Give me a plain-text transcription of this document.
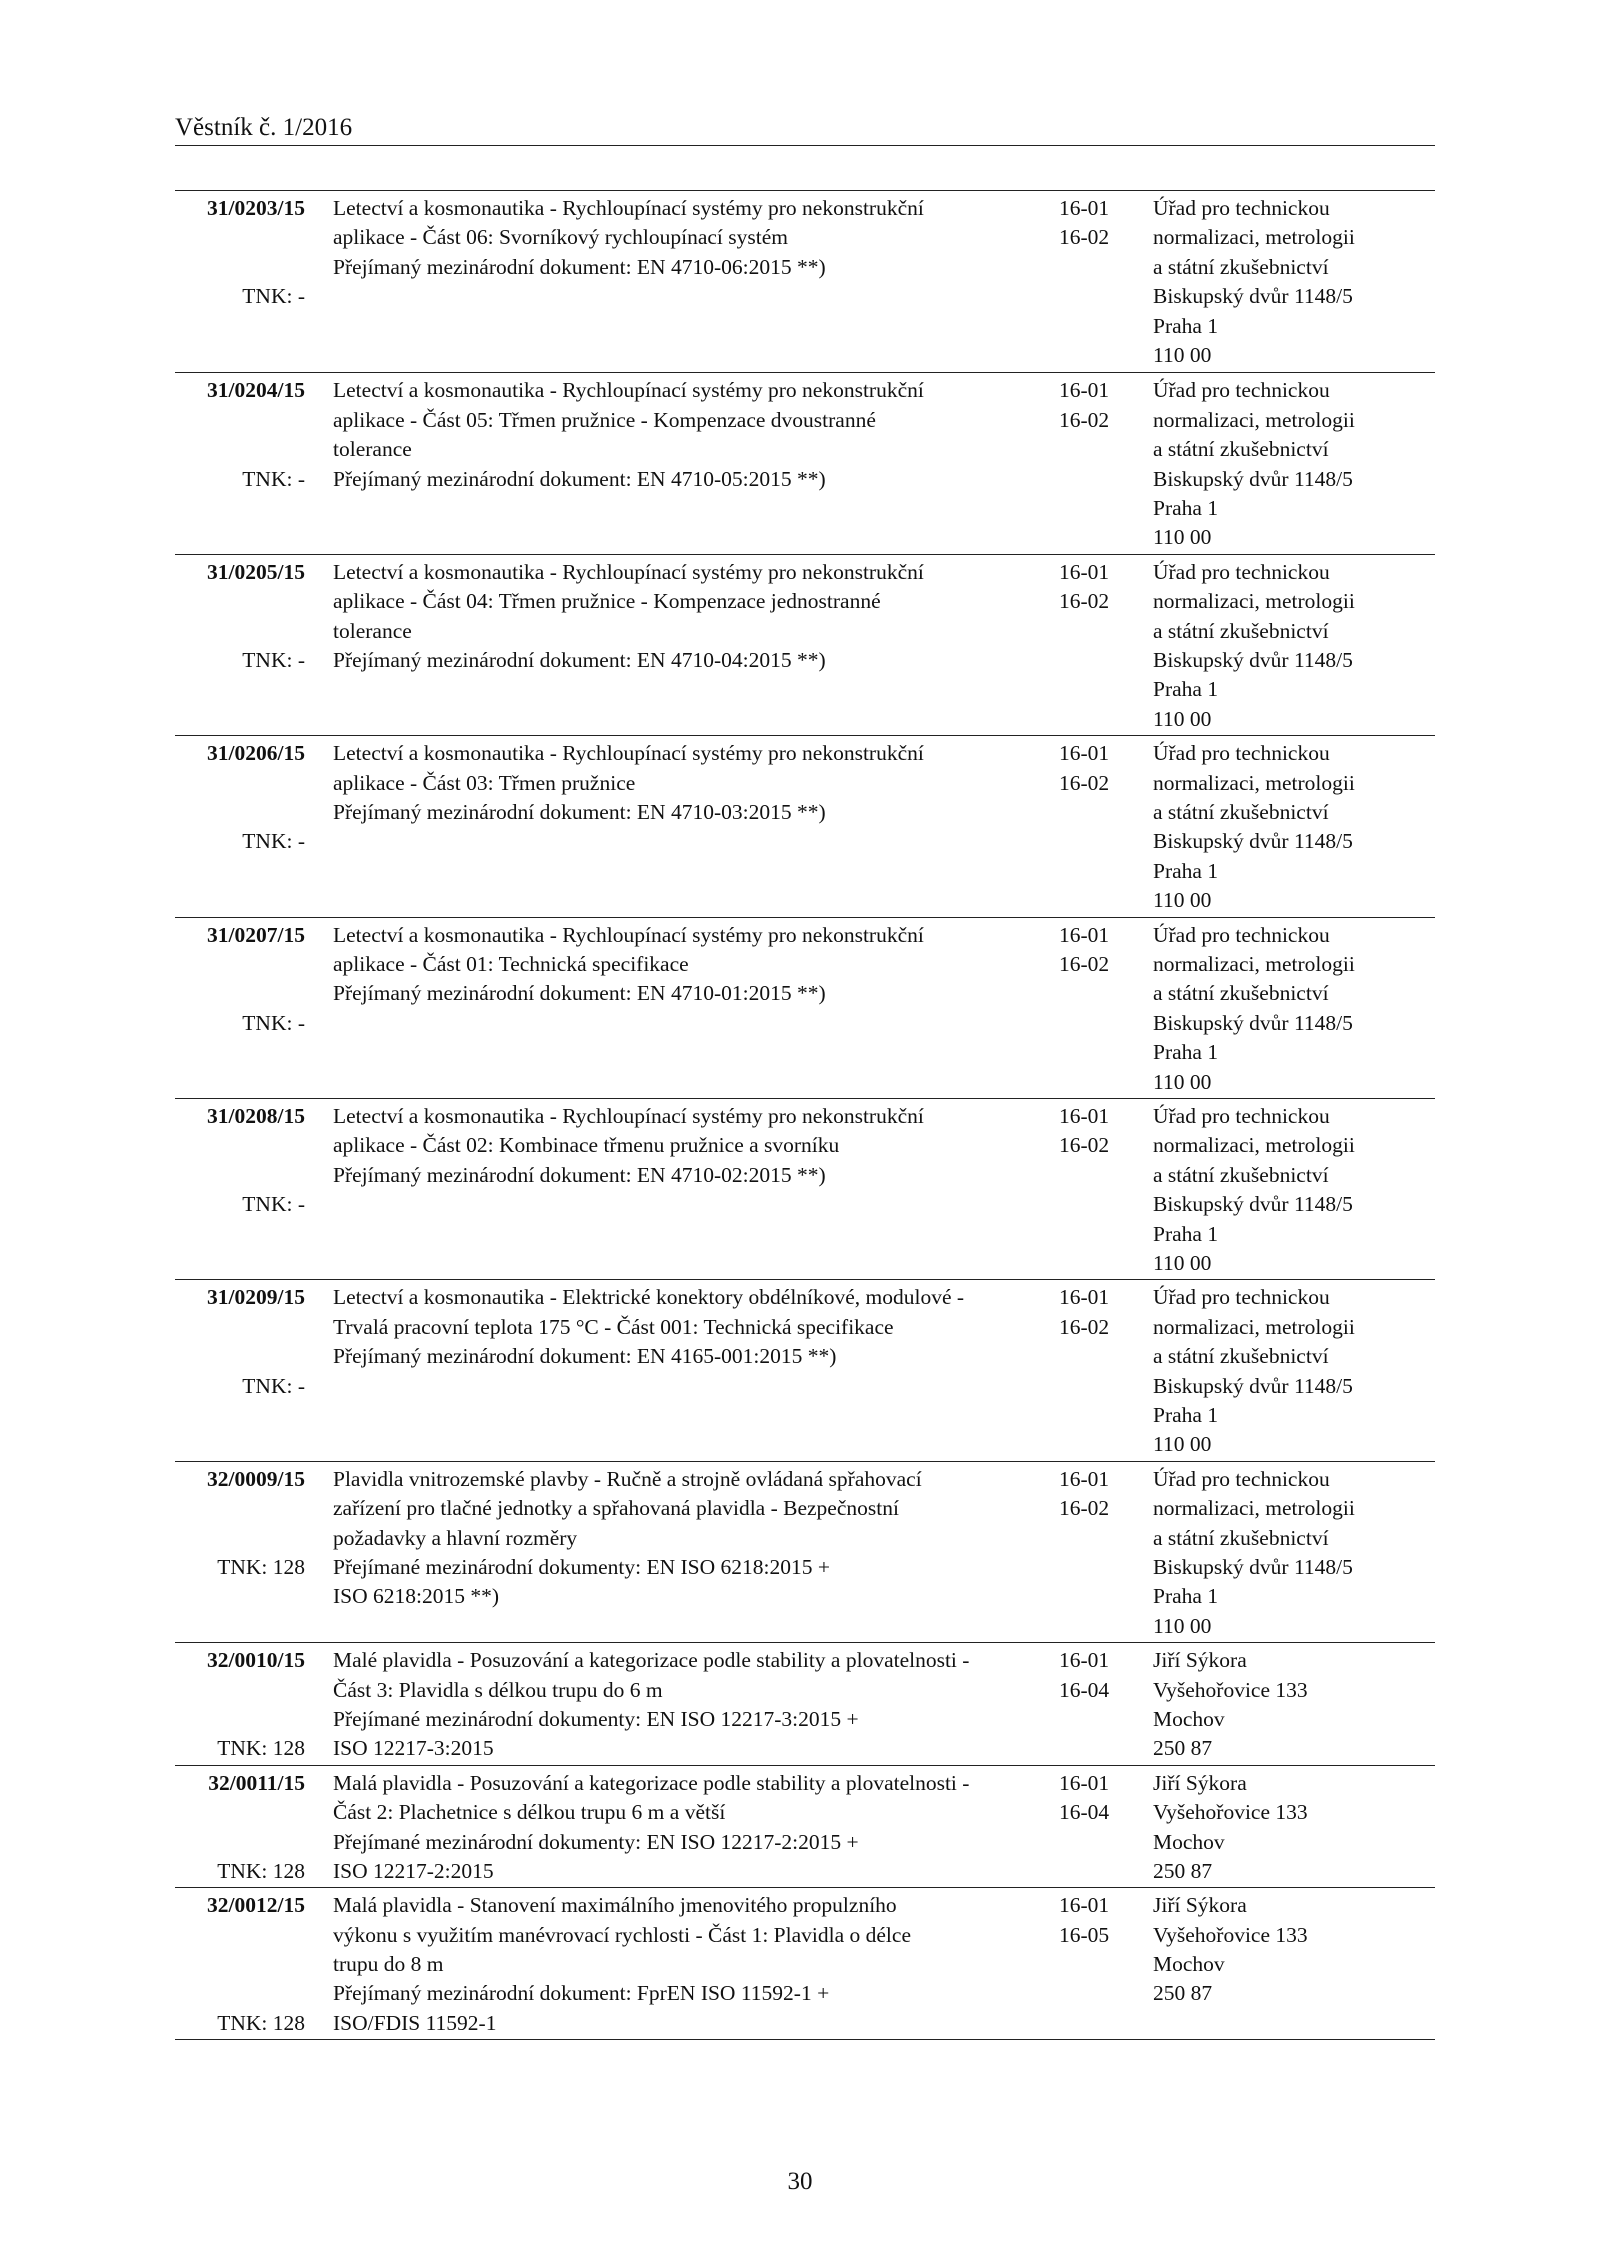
Věstník č. 1/2016
31/0203/15
TNK: -
Letectví a kosmonautika - Rychloupínací systémy pro nekonstrukční
aplikace - Část 06: Svorníkový rychloupínací systém
Přejímaný mezinárodní dokument: EN 4710-06:2015 **)
16-01
16-02
Úřad pro technickou
normalizaci, metrologii
a státní zkušebnictví
Biskupský dvůr 1148/5
Praha 1
110 00
31/0204/15
TNK: -
Letectví a kosmonautika - Rychloupínací systémy pro nekonstrukční
aplikace - Část 05: Třmen pružnice - Kompenzace dvoustranné
tolerance
Přejímaný mezinárodní dokument: EN 4710-05:2015 **)
16-01
16-02
Úřad pro technickou
normalizaci, metrologii
a státní zkušebnictví
Biskupský dvůr 1148/5
Praha 1
110 00
31/0205/15
TNK: -
Letectví a kosmonautika - Rychloupínací systémy pro nekonstrukční
aplikace - Část 04: Třmen pružnice - Kompenzace jednostranné
tolerance
Přejímaný mezinárodní dokument: EN 4710-04:2015 **)
16-01
16-02
Úřad pro technickou
normalizaci, metrologii
a státní zkušebnictví
Biskupský dvůr 1148/5
Praha 1
110 00
31/0206/15
TNK: -
Letectví a kosmonautika - Rychloupínací systémy pro nekonstrukční
aplikace - Část 03: Třmen pružnice
Přejímaný mezinárodní dokument: EN 4710-03:2015 **)
16-01
16-02
Úřad pro technickou
normalizaci, metrologii
a státní zkušebnictví
Biskupský dvůr 1148/5
Praha 1
110 00
31/0207/15
TNK: -
Letectví a kosmonautika - Rychloupínací systémy pro nekonstrukční
aplikace - Část 01: Technická specifikace
Přejímaný mezinárodní dokument: EN 4710-01:2015 **)
16-01
16-02
Úřad pro technickou
normalizaci, metrologii
a státní zkušebnictví
Biskupský dvůr 1148/5
Praha 1
110 00
31/0208/15
TNK: -
Letectví a kosmonautika - Rychloupínací systémy pro nekonstrukční
aplikace - Část 02: Kombinace třmenu pružnice a svorníku
Přejímaný mezinárodní dokument: EN 4710-02:2015 **)
16-01
16-02
Úřad pro technickou
normalizaci, metrologii
a státní zkušebnictví
Biskupský dvůr 1148/5
Praha 1
110 00
31/0209/15
TNK: -
Letectví a kosmonautika - Elektrické konektory obdélníkové, modulové -
Trvalá pracovní teplota 175 °C - Část 001: Technická specifikace
Přejímaný mezinárodní dokument: EN 4165-001:2015 **)
16-01
16-02
Úřad pro technickou
normalizaci, metrologii
a státní zkušebnictví
Biskupský dvůr 1148/5
Praha 1
110 00
32/0009/15
TNK: 128
Plavidla vnitrozemské plavby - Ručně a strojně ovládaná spřahovací
zařízení pro tlačné jednotky a spřahovaná plavidla - Bezpečnostní
požadavky a hlavní rozměry
Přejímané mezinárodní dokumenty: EN ISO 6218:2015 +
ISO 6218:2015 **)
16-01
16-02
Úřad pro technickou
normalizaci, metrologii
a státní zkušebnictví
Biskupský dvůr 1148/5
Praha 1
110 00
32/0010/15
TNK: 128
Malé plavidla - Posuzování a kategorizace podle stability a plovatelnosti -
Část 3: Plavidla s délkou trupu do 6 m
Přejímané mezinárodní dokumenty: EN ISO 12217-3:2015 +
ISO 12217-3:2015
16-01
16-04
Jiří Sýkora
Vyšehořovice 133
Mochov
250 87
32/0011/15
TNK: 128
Malá plavidla - Posuzování a kategorizace podle stability a plovatelnosti -
Část 2: Plachetnice s délkou trupu 6 m a větší
Přejímané mezinárodní dokumenty: EN ISO 12217-2:2015 +
ISO 12217-2:2015
16-01
16-04
Jiří Sýkora
Vyšehořovice 133
Mochov
250 87
32/0012/15
TNK: 128
Malá plavidla - Stanovení maximálního jmenovitého propulzního
výkonu s využitím manévrovací rychlosti - Část 1: Plavidla o délce
trupu do 8 m
Přejímaný mezinárodní dokument: FprEN ISO 11592-1 +
ISO/FDIS 11592-1
16-01
16-05
Jiří Sýkora
Vyšehořovice 133
Mochov
250 87
30
